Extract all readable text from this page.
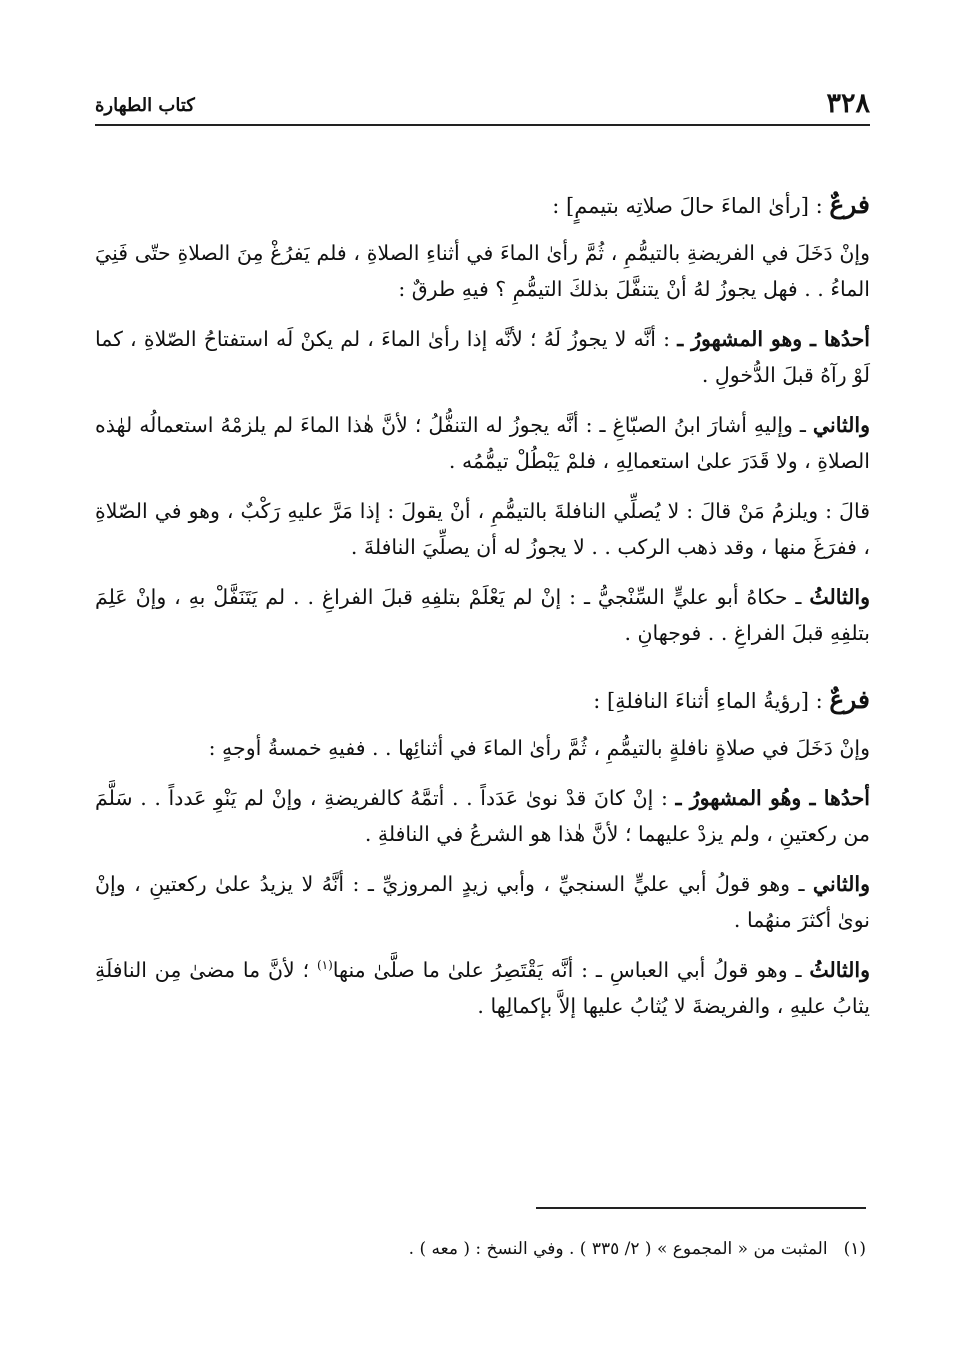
٣٢٨
كتاب الطهارة
فرعٌ : [رأىٰ الماءَ حالَ صلاتِه بتيممٍ] :

وإنْ دَخَلَ في الفريضةِ بالتيمُّمِ ، ثُمَّ رأىٰ الماءَ في أثناءِ الصلاةِ ، فلم يَفرُغْ مِنَ الصلاةِ حتّى فَنِيَ الماءُ . . فهل يجوزُ لهُ أنْ يتنفَّلَ بذلكَ التيمُّمِ ؟ فيهِ طرقٌ :

أحدُها ـ وهو المشهورُ ـ : أنَّه لا يجوزُ لَهُ ؛ لأنَّه إذا رأىٰ الماءَ ، لم يكنْ لَه استفتاحُ الصّلاةِ ، كما لَوْ رآهُ قبلَ الدُّخولِ .

والثاني ـ وإليهِ أشارَ ابنُ الصبّاغِ ـ : أنَّه يجوزُ له التنفُّلُ ؛ لأنَّ هٰذا الماءَ لم يلزمْهُ استعمالُه لهٰذه الصلاةِ ، ولا قَدَرَ علىٰ استعمالِهِ ، فلمْ يَبْطُلْ تيمُّمُه .

قالَ : ويلزمُ مَنْ قالَ : لا يُصلِّي النافلةَ بالتيمُّمِ ، أنْ يقولَ : إذا مَرَّ عليهِ رَكْبٌ ، وهو في الصّلاةِ ، ففرَغَ منها ، وقد ذهب الركب . . لا يجوزُ له أن يصلِّيَ النافلةَ .

والثالثُ ـ حكاهُ أبو عليٍّ السِّنْجيُّ ـ : إنْ لم يَعْلَمْ بتلفِهِ قبلَ الفراغِ . . لم يَتَنَفَّلْ بهِ ، وإنْ عَلِمَ بتلفِهِ قبلَ الفراغِ . . فوجهانِ .

فرعٌ : [رؤيةُ الماءِ أثناءَ النافلةِ] :

وإنْ دَخَلَ في صلاةٍ نافلةٍ بالتيمُّمِ ، ثُمَّ رأىٰ الماءَ في أثنائِها . . ففيهِ خمسةُ أوجهٍ :

أحدُها ـ وهُو المشهورُ ـ : إنْ كانَ قدْ نوىٰ عَدَداً . . أتمَّهُ كالفريضةِ ، وإنْ لم يَنْوِ عَدداً . . سَلَّمَ من ركعتينِ ، ولم يزدْ عليهما ؛ لأنَّ هٰذا هو الشرعُ في النافلةِ .

والثاني ـ وهو قولُ أبي عليٍّ السنجيِّ ، وأبي زيدٍ المروزيِّ ـ : أنَّهُ لا يزيدُ علىٰ ركعتينِ ، وإنْ نوىٰ أكثرَ منهُما .

والثالثُ ـ وهو قولُ أبي العباسِ ـ : أنَّه يَقْتَصِرُ علىٰ ما صلَّىٰ منها$^{(١)}$ ؛ لأنَّ ما مضىٰ مِن النافلَةِ يثابُ عليهِ ، والفريضةَ لا يُثابُ عليها إلاَّ بإكمالِها .

(١)المثبت من « المجموع » ( ٢/ ٣٣٥ ) . وفي النسخ : ( معه ) .
